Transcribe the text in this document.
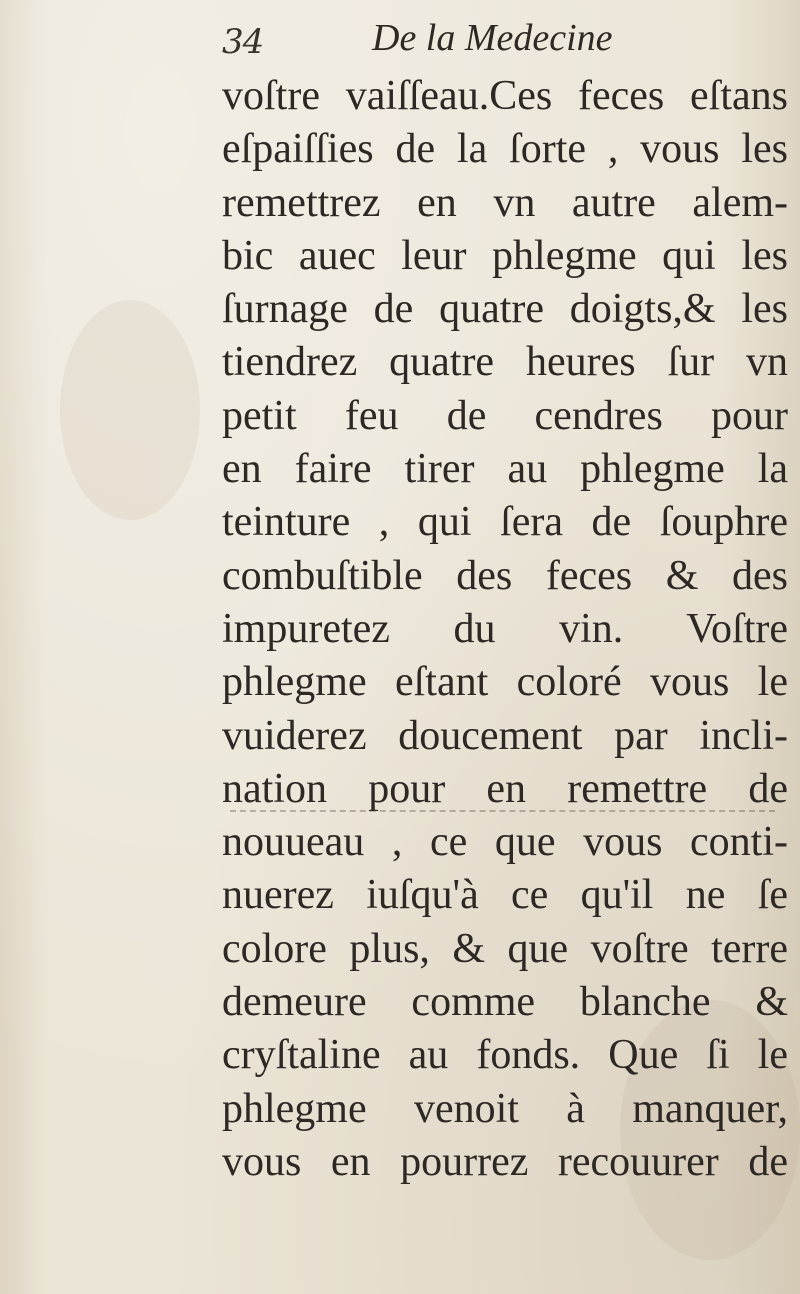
34	De la Medecine
voſtre vaiſſeau.Ces feces eſtans
eſpaiſſies de la ſorte , vous les
remettrez en vn autre alem-
bic auec leur phlegme qui les
ſurnage de quatre doigts,& les
tiendrez quatre heures ſur vn
petit feu de cendres pour
en faire tirer au phlegme la
teinture , qui ſera de ſouphre
combuſtible des feces & des
impuretez du vin. Voſtre
phlegme eſtant coloré vous le
vuiderez doucement par incli-
nation pour en remettre de
nouueau , ce que vous conti-
nuerez iuſqu'à ce qu'il ne ſe
colore plus, & que voſtre terre
demeure comme blanche &
cryſtaline au fonds. Que ſi le
phlegme venoit à manquer,
vous en pourrez recouurer de
